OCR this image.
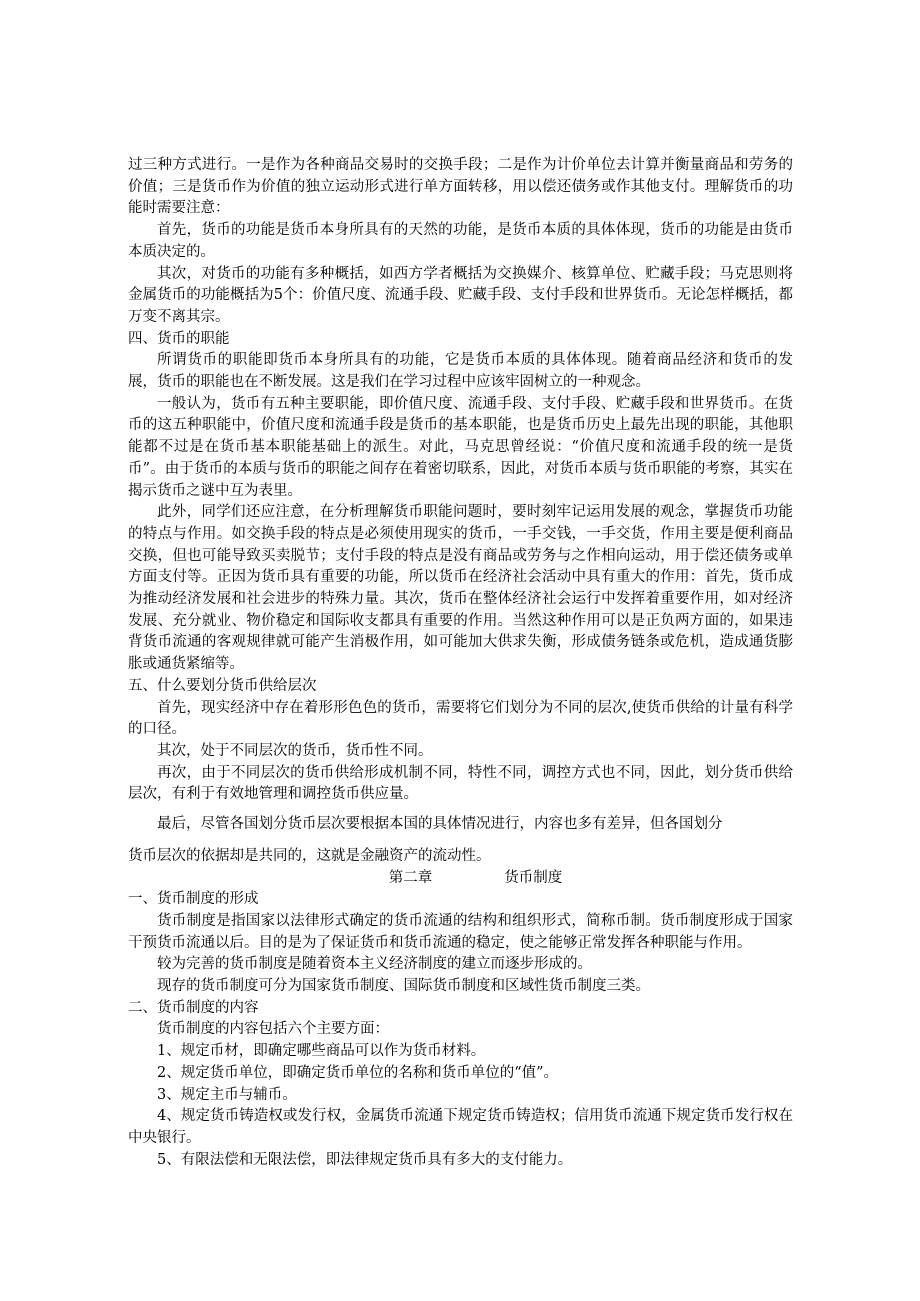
过三种方式进行。一是作为各种商品交易时的交换手段；二是作为计价单位去计算并衡量商品和劳务的价值；三是货币作为价值的独立运动形式进行单方面转移，用以偿还债务或作其他支付。理解货币的功能时需要注意：

首先，货币的功能是货币本身所具有的天然的功能，是货币本质的具体体现，货币的功能是由货币本质决定的。

其次，对货币的功能有多种概括，如西方学者概括为交换媒介、核算单位、贮藏手段；马克思则将金属货币的功能概括为5个：价值尺度、流通手段、贮藏手段、支付手段和世界货币。无论怎样概括，都万变不离其宗。

四、货币的职能

所谓货币的职能即货币本身所具有的功能，它是货币本质的具体体现。随着商品经济和货币的发展，货币的职能也在不断发展。这是我们在学习过程中应该牢固树立的一种观念。

一般认为，货币有五种主要职能，即价值尺度、流通手段、支付手段、贮藏手段和世界货币。在货币的这五种职能中，价值尺度和流通手段是货币的基本职能，也是货币历史上最先出现的职能，其他职能都不过是在货币基本职能基础上的派生。对此，马克思曾经说：“价值尺度和流通手段的统一是货币”。由于货币的本质与货币的职能之间存在着密切联系，因此，对货币本质与货币职能的考察，其实在揭示货币之谜中互为表里。

此外，同学们还应注意，在分析理解货币职能问题时，要时刻牢记运用发展的观念，掌握货币功能的特点与作用。如交换手段的特点是必须使用现实的货币，一手交钱，一手交货，作用主要是便利商品交换，但也可能导致买卖脱节；支付手段的特点是没有商品或劳务与之作相向运动，用于偿还债务或单方面支付等。正因为货币具有重要的功能，所以货币在经济社会活动中具有重大的作用：首先，货币成为推动经济发展和社会进步的特殊力量。其次，货币在整体经济社会运行中发挥着重要作用，如对经济发展、充分就业、物价稳定和国际收支都具有重要的作用。当然这种作用可以是正负两方面的，如果违背货币流通的客观规律就可能产生消极作用，如可能加大供求失衡，形成债务链条或危机，造成通货膨胀或通货紧缩等。

五、什么要划分货币供给层次

首先，现实经济中存在着形形色色的货币，需要将它们划分为不同的层次,使货币供给的计量有科学的口径。

其次，处于不同层次的货币，货币性不同。

再次，由于不同层次的货币供给形成机制不同，特性不同，调控方式也不同，因此，划分货币供给层次，有利于有效地管理和调控货币供应量。

最后，尽管各国划分货币层次要根据本国的具体情况进行，内容也多有差异，但各国划分

货币层次的依据却是共同的，这就是金融资产的流动性。

第二章	货币制度

一、货币制度的形成

货币制度是指国家以法律形式确定的货币流通的结构和组织形式，简称币制。货币制度形成于国家干预货币流通以后。目的是为了保证货币和货币流通的稳定，使之能够正常发挥各种职能与作用。

较为完善的货币制度是随着资本主义经济制度的建立而逐步形成的。

现存的货币制度可分为国家货币制度、国际货币制度和区域性货币制度三类。

二、货币制度的内容

货币制度的内容包括六个主要方面：

1、规定币材，即确定哪些商品可以作为货币材料。

2、规定货币单位，即确定货币单位的名称和货币单位的“值”。

3、规定主币与辅币。

4、规定货币铸造权或发行权，金属货币流通下规定货币铸造权；信用货币流通下规定货币发行权在中央银行。

5、有限法偿和无限法偿，即法律规定货币具有多大的支付能力。
